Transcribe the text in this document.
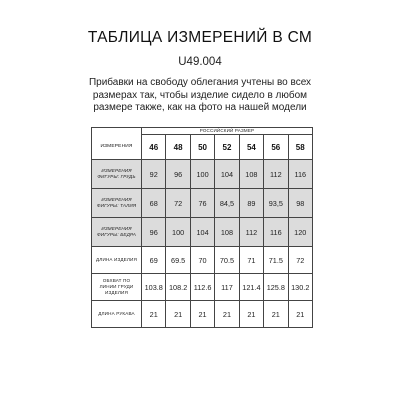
ТАБЛИЦА ИЗМЕРЕНИЙ В СМ
U49.004
Прибавки на свободу облегания учтены во всех размерах так, чтобы изделие сидело в любом размере также, как на фото на нашей модели
	РОССИЙСКИЙ РАЗМЕР						
ИЗМЕРЕНИЯ	46	48	50	52	54	56	58
ИЗМЕРЕНИЯ ФИГУРЫ: ГРУДЬ	92	96	100	104	108	112	116
ИЗМЕРЕНИЯ ФИГУРЫ: ТАЛИЯ	68	72	76	84,5	89	93,5	98
ИЗМЕРЕНИЯ ФИГУРЫ: БЕДРА	96	100	104	108	112	116	120
ДЛИНА ИЗДЕЛИЯ	69	69.5	70	70.5	71	71.5	72
ОБХВАТ ПО ЛИНИИ ГРУДИ ИЗДЕЛИЯ	103.8	108.2	112.6	117	121.4	125.8	130.2
ДЛИНА РУКАВА	21	21	21	21	21	21	21
